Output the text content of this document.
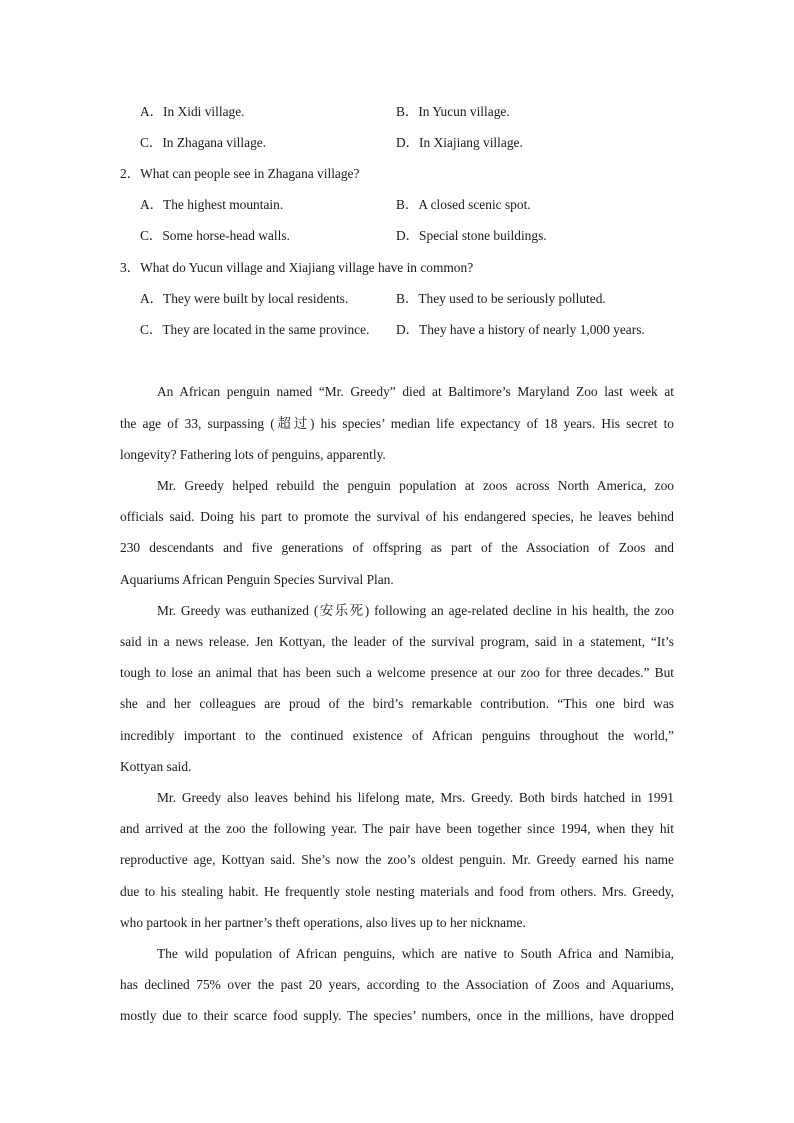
A．In Xidi village.	B．In Yucun village.
C．In Zhagana village.	D．In Xiajiang village.
2．What can people see in Zhagana village?
A．The highest mountain.	B．A closed scenic spot.
C．Some horse-head walls.	D．Special stone buildings.
3．What do Yucun village and Xiajiang village have in common?
A．They were built by local residents.	B．They used to be seriously polluted.
C．They are located in the same province. D．They have a history of nearly 1,000 years.
An African penguin named “Mr. Greedy” died at Baltimore’s Maryland Zoo last week at
the age of 33, surpassing (超过) his species’ median life expectancy of 18 years. His secret to
longevity? Fathering lots of penguins, apparently.
Mr. Greedy helped rebuild the penguin population at zoos across North America, zoo
officials said. Doing his part to promote the survival of his endangered species, he leaves behind
230 descendants and five generations of offspring as part of the Association of Zoos and
Aquariums African Penguin Species Survival Plan.
Mr. Greedy was euthanized (安乐死) following an age-related decline in his health, the zoo
said in a news release. Jen Kottyan, the leader of the survival program, said in a statement, “It’s
tough to lose an animal that has been such a welcome presence at our zoo for three decades.” But
she and her colleagues are proud of the bird’s remarkable contribution. “This one bird was
incredibly important to the continued existence of African penguins throughout the world,”
Kottyan said.
Mr. Greedy also leaves behind his lifelong mate, Mrs. Greedy. Both birds hatched in 1991
and arrived at the zoo the following year. The pair have been together since 1994, when they hit
reproductive age, Kottyan said. She’s now the zoo’s oldest penguin. Mr. Greedy earned his name
due to his stealing habit. He frequently stole nesting materials and food from others. Mrs. Greedy,
who partook in her partner’s theft operations, also lives up to her nickname.
The wild population of African penguins, which are native to South Africa and Namibia,
has declined 75% over the past 20 years, according to the Association of Zoos and Aquariums,
mostly due to their scarce food supply. The species’ numbers, once in the millions, have dropped
